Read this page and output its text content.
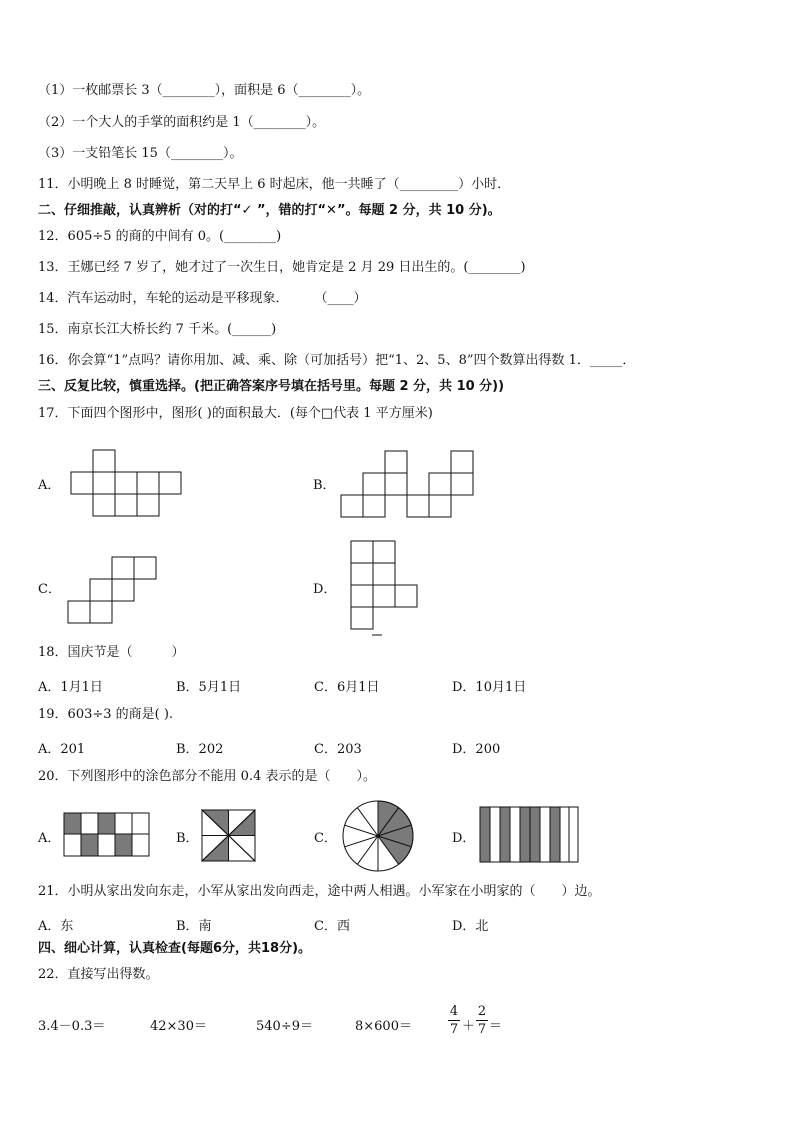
（1）一枚邮票长 3（________），面积是 6（________）。
（2）一个大人的手掌的面积约是 1（________）。
（3）一支铅笔长 15（________）。
11．小明晚上 8 时睡觉，第二天早上 6 时起床，他一共睡了（_________）小时．
二、仔细推敲，认真辨析（对的打“✓ ”，错的打“✕”。每题 2 分，共 10 分)。
12．605÷5 的商的中间有 0。(________)
13．王娜已经 7 岁了，她才过了一次生日，她肯定是 2 月 29 日出生的。(________)
14．汽车运动时，车轮的运动是平移现象．　　　（____）
15．南京长江大桥长约 7 千米。(______)
16．你会算“1”点吗？请你用加、减、乘、除（可加括号）把“1、2、5、8”四个数算出得数 1．_____．
三、反复比较，慎重选择。(把正确答案序号填在括号里。每题 2 分，共 10 分))
17．下面四个图形中，图形( )的面积最大．(每个□代表 1 平方厘米)
A．	B．
C．	D．
18．国庆节是（　　　）
A．1月1日	B．5月1日	C．6月1日	D．10月1日
19．603÷3 的商是( ).
A．201	B．202	C．203	D．200
20．下列图形中的涂色部分不能用 0.4 表示的是（　　）。
A．	B．	C．	D．
21．小明从家出发向东走，小军从家出发向西走，途中两人相遇。小军家在小明家的（　　）边。
A．东	B．南	C．西	D．北
四、细心计算，认真检查(每题6分，共18分)。
22．直接写出得数。
3.4－0.3＝	42×30＝	540÷9＝	8×600＝
4
7 ＋
2
7 ＝
